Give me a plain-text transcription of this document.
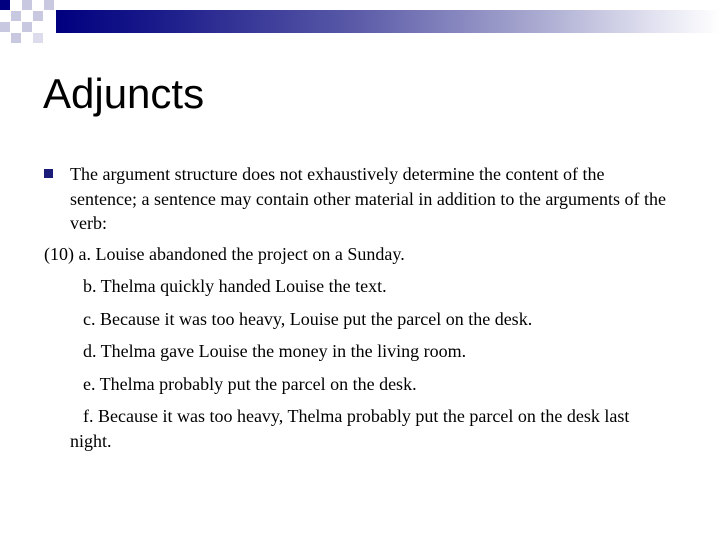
Adjuncts
The argument structure does not exhaustively determine the content of the sentence; a sentence may contain other material in addition to the arguments of the verb:
(10) a. Louise abandoned the project on a Sunday.
b. Thelma quickly handed Louise the text.
c. Because it was too heavy, Louise put the parcel on the desk.
d. Thelma gave Louise the money in the living room.
e. Thelma probably put the parcel on the desk.
f. Because it was too heavy, Thelma probably put the parcel on the desk last night.
